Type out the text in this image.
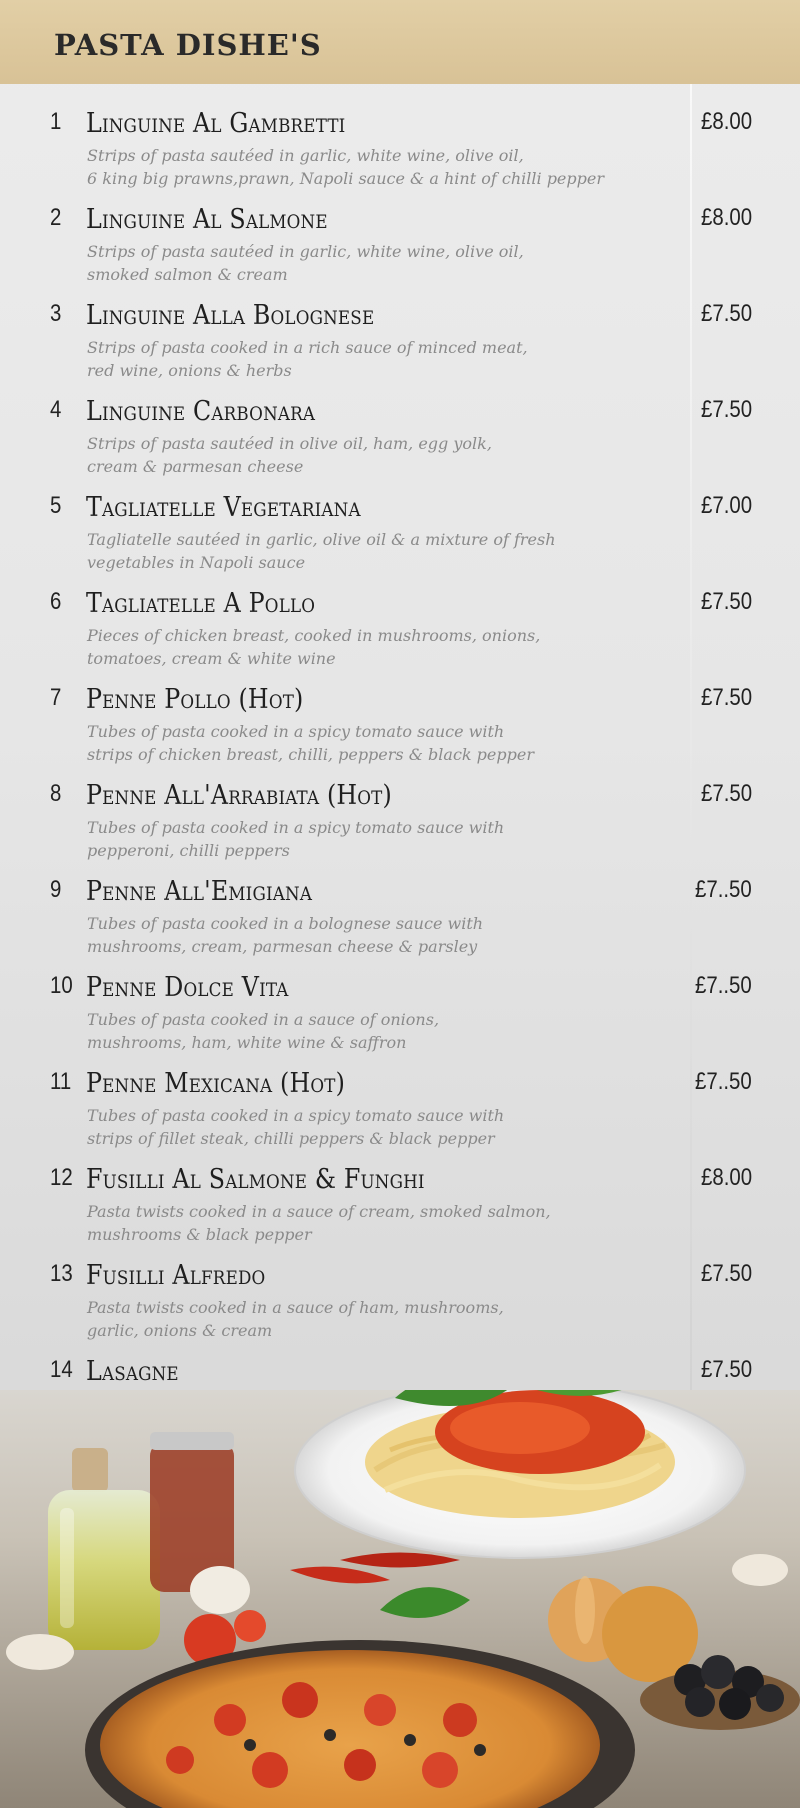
PASTA DISHE'S
1 Linguine Al Gambretti	£8.00
Strips of pasta sautéed in garlic, white wine, olive oil,
6 king big prawns,prawn, Napoli sauce & a hint of chilli pepper
2 Linguine Al Salmone	£8.00
Strips of pasta sautéed in garlic, white wine, olive oil,
smoked salmon & cream
3 Linguine Alla Bolognese	£7.50
Strips of pasta cooked in a rich sauce of minced meat,
red wine, onions & herbs
4 Linguine Carbonara	£7.50
Strips of pasta sautéed in olive oil, ham, egg yolk,
cream & parmesan cheese
5 Tagliatelle Vegetariana	£7.00
Tagliatelle sautéed in garlic, olive oil & a mixture of fresh
vegetables in Napoli sauce
6 Tagliatelle A Pollo	£7.50
Pieces of chicken breast, cooked in mushrooms, onions,
tomatoes, cream & white wine
7 Penne Pollo (Hot)	£7.50
Tubes of pasta cooked in a spicy tomato sauce with
strips of chicken breast, chilli, peppers & black pepper
8 Penne All'Arrabiata (Hot)	£7.50
Tubes of pasta cooked in a spicy tomato sauce with
pepperoni, chilli peppers
9 Penne All'Emigiana	£7..50
Tubes of pasta cooked in a bolognese sauce with
mushrooms, cream, parmesan cheese & parsley
10 Penne Dolce Vita	£7..50
Tubes of pasta cooked in a sauce of onions,
mushrooms, ham, white wine & saffron
11 Penne Mexicana (Hot)	£7..50
Tubes of pasta cooked in a spicy tomato sauce with
strips of fillet steak, chilli peppers & black pepper
12 Fusilli Al Salmone & Funghi	£8.00
Pasta twists cooked in a sauce of cream, smoked salmon,
mushrooms & black pepper
13 Fusilli Alfredo	£7.50
Pasta twists cooked in a sauce of ham, mushrooms,
garlic, onions & cream
14 Lasagne	£7.50
